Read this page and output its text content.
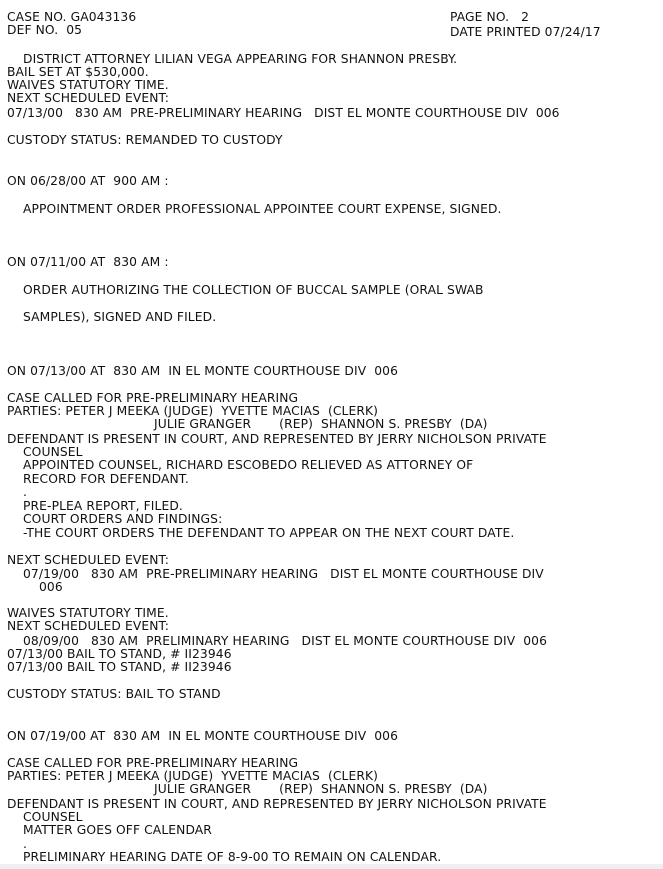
CASE NO. GA043136
DEF NO.  05
PAGE NO.   2
DATE PRINTED 07/24/17
DISTRICT ATTORNEY LILIAN VEGA APPEARING FOR SHANNON PRESBY.
BAIL SET AT $530,000.
WAIVES STATUTORY TIME.
NEXT SCHEDULED EVENT:
07/13/00   830 AM  PRE-PRELIMINARY HEARING   DIST EL MONTE COURTHOUSE DIV  006
CUSTODY STATUS: REMANDED TO CUSTODY
ON 06/28/00 AT  900 AM :
APPOINTMENT ORDER PROFESSIONAL APPOINTEE COURT EXPENSE, SIGNED.
ON 07/11/00 AT  830 AM :
ORDER AUTHORIZING THE COLLECTION OF BUCCAL SAMPLE (ORAL SWAB
SAMPLES), SIGNED AND FILED.
ON 07/13/00 AT  830 AM  IN EL MONTE COURTHOUSE DIV  006
CASE CALLED FOR PRE-PRELIMINARY HEARING
PARTIES: PETER J MEEKA (JUDGE)  YVETTE MACIAS  (CLERK)
JULIE GRANGER       (REP)  SHANNON S. PRESBY  (DA)
DEFENDANT IS PRESENT IN COURT, AND REPRESENTED BY JERRY NICHOLSON PRIVATE
COUNSEL
APPOINTED COUNSEL, RICHARD ESCOBEDO RELIEVED AS ATTORNEY OF
RECORD FOR DEFENDANT.
.
PRE-PLEA REPORT, FILED.
COURT ORDERS AND FINDINGS:
-THE COURT ORDERS THE DEFENDANT TO APPEAR ON THE NEXT COURT DATE.
NEXT SCHEDULED EVENT:
07/19/00   830 AM  PRE-PRELIMINARY HEARING   DIST EL MONTE COURTHOUSE DIV
006
WAIVES STATUTORY TIME.
NEXT SCHEDULED EVENT:
08/09/00   830 AM  PRELIMINARY HEARING   DIST EL MONTE COURTHOUSE DIV  006
07/13/00 BAIL TO STAND, # II23946
07/13/00 BAIL TO STAND, # II23946
CUSTODY STATUS: BAIL TO STAND
ON 07/19/00 AT  830 AM  IN EL MONTE COURTHOUSE DIV  006
CASE CALLED FOR PRE-PRELIMINARY HEARING
PARTIES: PETER J MEEKA (JUDGE)  YVETTE MACIAS  (CLERK)
JULIE GRANGER       (REP)  SHANNON S. PRESBY  (DA)
DEFENDANT IS PRESENT IN COURT, AND REPRESENTED BY JERRY NICHOLSON PRIVATE
COUNSEL
MATTER GOES OFF CALENDAR
.
PRELIMINARY HEARING DATE OF 8-9-00 TO REMAIN ON CALENDAR.
